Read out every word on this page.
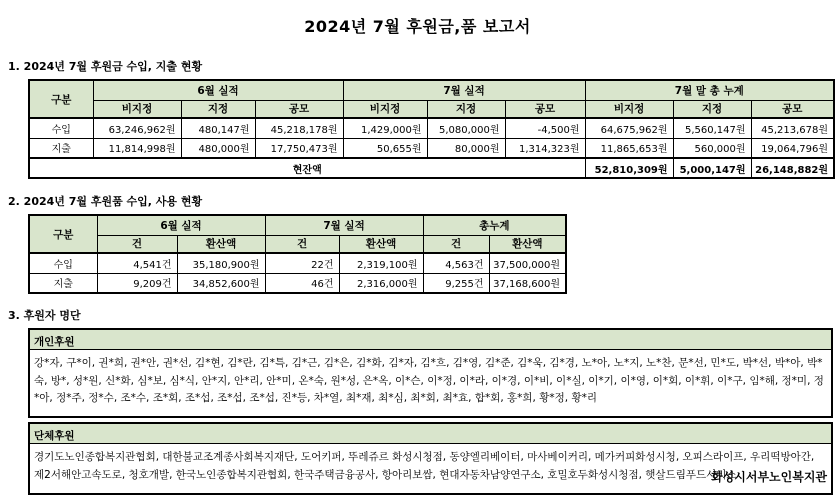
2024년 7월 후원금,품 보고서
1. 2024년 7월 후원금 수입, 지출 현황
구분	6월 실적			7월 실적			7월 말 총 누계		
	비지정	지정	공모	비지정	지정	공모	비지정	지정	공모
수입	63,246,962원	480,147원	45,218,178원	1,429,000원	5,080,000원	-4,500원	64,675,962원	5,560,147원	45,213,678원
지출	11,814,998원	480,000원	17,750,473원	50,655원	80,000원	1,314,323원	11,865,653원	560,000원	19,064,796원
현잔액							52,810,309원	5,000,147원	26,148,882원
2. 2024년 7월 후원품 수입, 사용 현황
구분	6월 실적		7월 실적		총누계	
	건	환산액	건	환산액	건	환산액
수입	4,541건	35,180,900원	22건	2,319,100원	4,563건	37,500,000원
지출	9,209건	34,852,600원	46건	2,316,000원	9,255건	37,168,600원
3. 후원자 명단
개인후원
강*자, 구*이, 권*희, 권*안, 권*선, 김*현, 김*란, 김*특, 김*근, 김*은, 김*화, 김*자, 김*흐, 김*영, 김*준, 김*욱, 김*경, 노*아, 노*지, 노*찬, 문*선, 민*도, 박*선, 박*아, 박*숙, 방*, 성*원, 신*화, 심*보, 심*식, 안*지, 안*리, 안*미, 온*숙, 원*성, 은*옥, 이*슨, 이*정, 이*라, 이*경, 이*비, 이*실, 이*기, 이*영, 이*회, 이*휘, 이*구, 임*해, 정*미, 정*아, 정*주, 정*수, 조*수, 조*회, 조*섭, 조*섭, 조*섭, 진*등, 차*열, 최*재, 최*심, 최*회, 최*효, 합*회, 홍*희, 황*정, 황*리
단체후원
경기도노인종합복지관협회, 대한불교조계종사회복지재단, 도어키퍼, 뚜레쥬르 화성시청점, 동양엘리베이터, 마사베이커리, 메가커피화성시청, 오피스라이프, 우리떡방아간, 제2서해안고속도로, 청호개발, 한국노인종합복지관협회, 한국주택금융공사, 항아리보쌈, 현대자동차남양연구소, 호밀호두화성시청점, 햇살드림푸드서비스
화성시서부노인복지관
